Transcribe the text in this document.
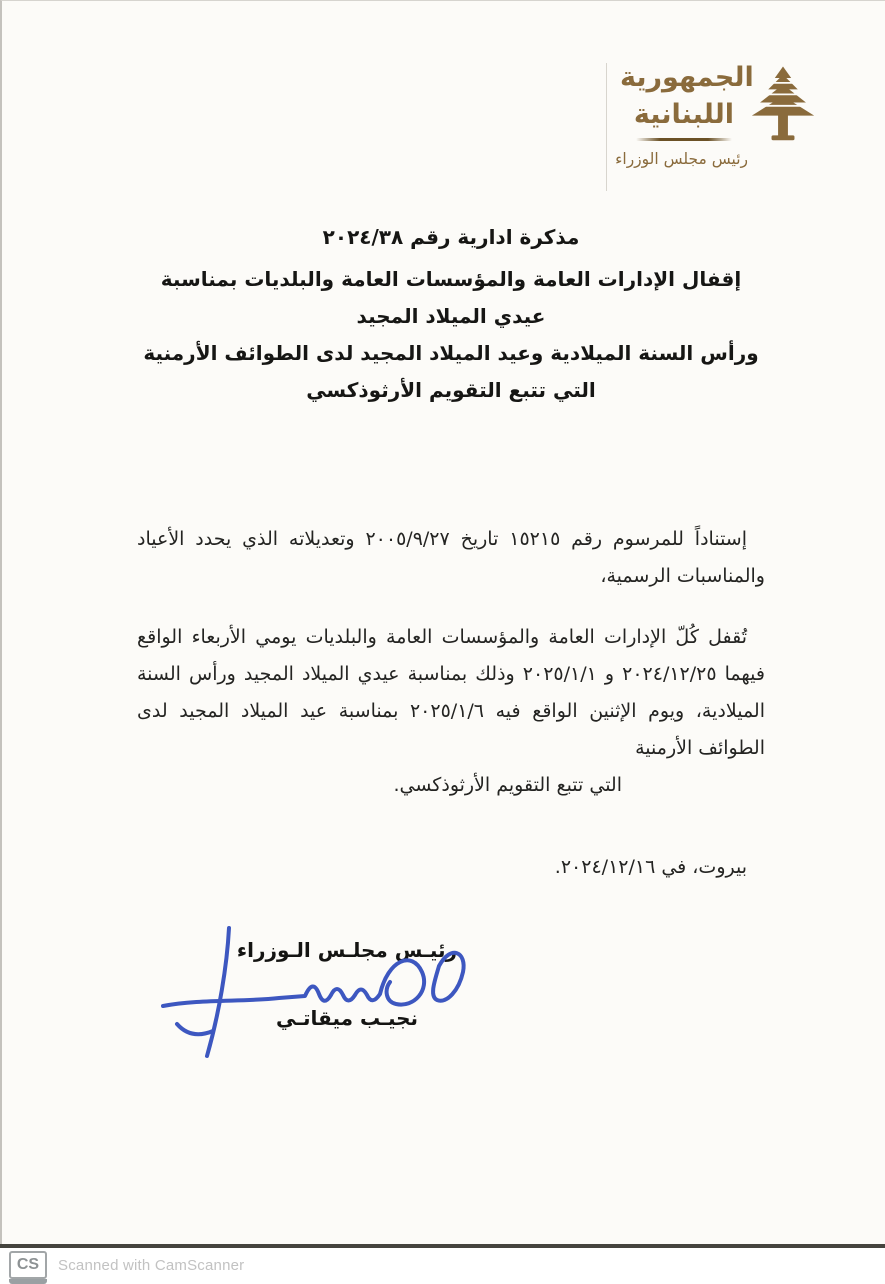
الجمهورية
اللبنانية
رئيس مجلس الوزراء
مذكرة ادارية رقم ٢٠٢٤/٣٨
إقفال الإدارات العامة والمؤسسات العامة والبلديات بمناسبة عيدي الميلاد المجيد
ورأس السنة الميلادية وعيد الميلاد المجيد لدى الطوائف الأرمنية التي تتبع التقويم الأرثوذكسي

إستناداً للمرسوم رقم ١٥٢١٥ تاريخ ٢٠٠٥/٩/٢٧ وتعديلاته الذي يحدد الأعياد والمناسبات الرسمية،

تُقفل كُلّ الإدارات العامة والمؤسسات العامة والبلديات يومي الأربعاء الواقع فيهما ٢٠٢٤/١٢/٢٥ و ٢٠٢٥/١/١ وذلك بمناسبة عيدي الميلاد المجيد ورأس السنة الميلادية، ويوم الإثنين الواقع فيه ٢٠٢٥/١/٦ بمناسبة عيد الميلاد المجيد لدى الطوائف الأرمنية

التي تتبع التقويم الأرثوذكسي.
بيروت، في ٢٠٢٤/١٢/١٦.
رئيـس مجلـس الـوزراء
نجيـب ميقاتـي
CS	Scanned with CamScanner
